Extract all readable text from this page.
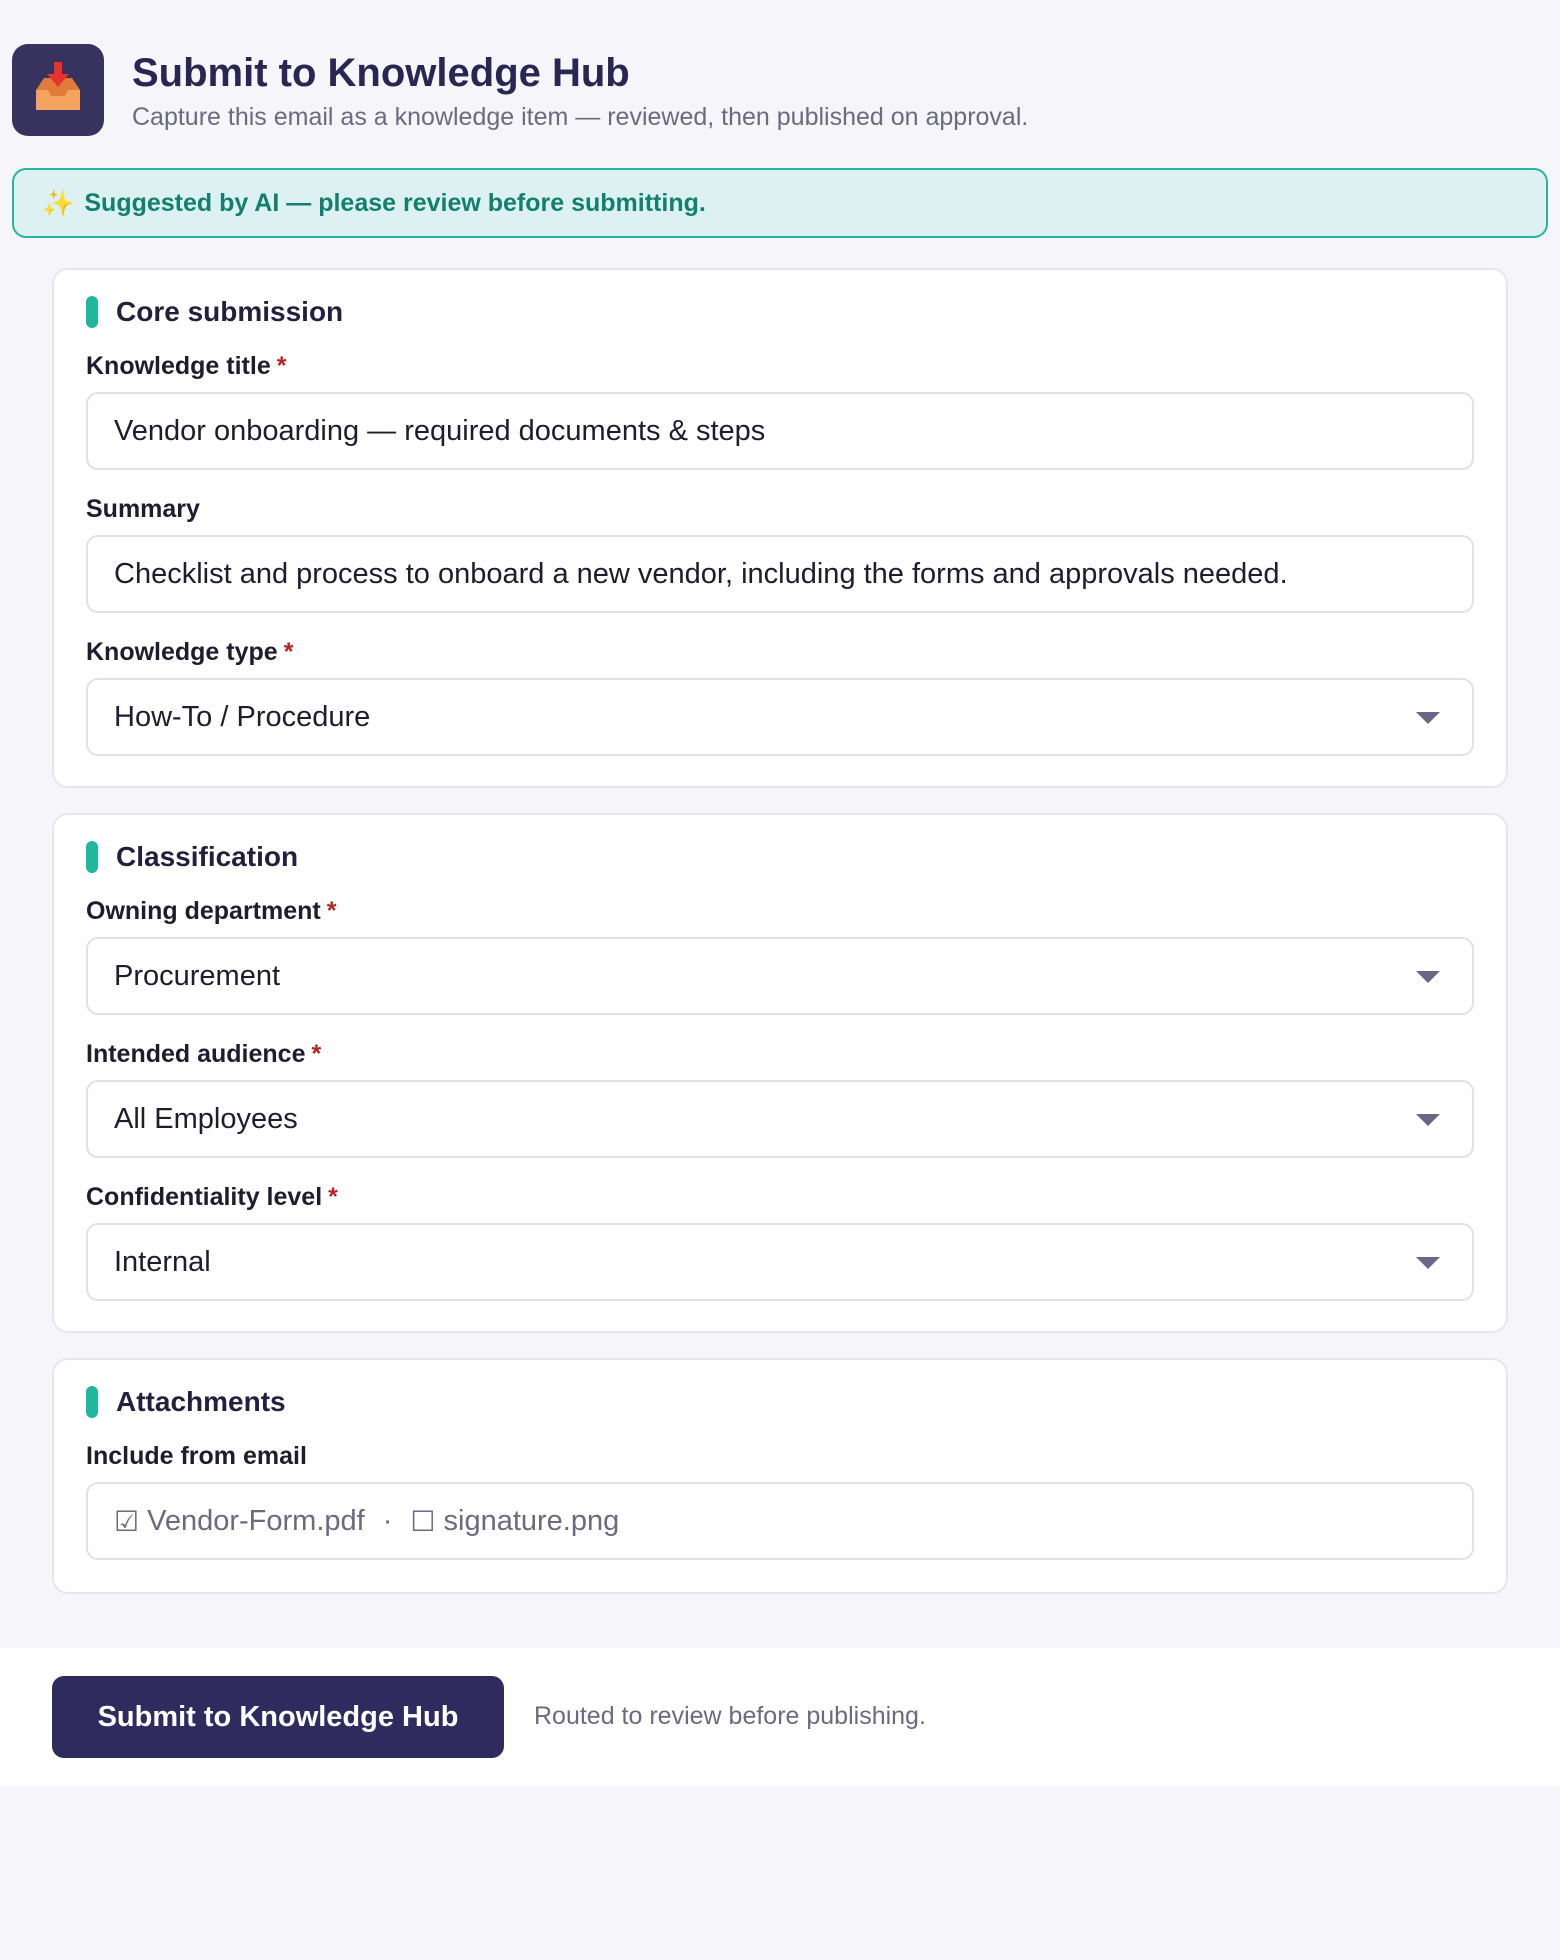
Submit to Knowledge Hub
Capture this email as a knowledge item — reviewed, then published on approval.
✨ Suggested by AI — please review before submitting.
Core submission
Knowledge title *
Vendor onboarding — required documents & steps
Summary
Checklist and process to onboard a new vendor, including the forms and approvals needed.
Knowledge type *
How-To / Procedure
Classification
Owning department *
Procurement
Intended audience *
All Employees
Confidentiality level *
Internal
Attachments
Include from email
☑ Vendor-Form.pdf · ☐ signature.png
Submit to Knowledge Hub	Routed to review before publishing.
